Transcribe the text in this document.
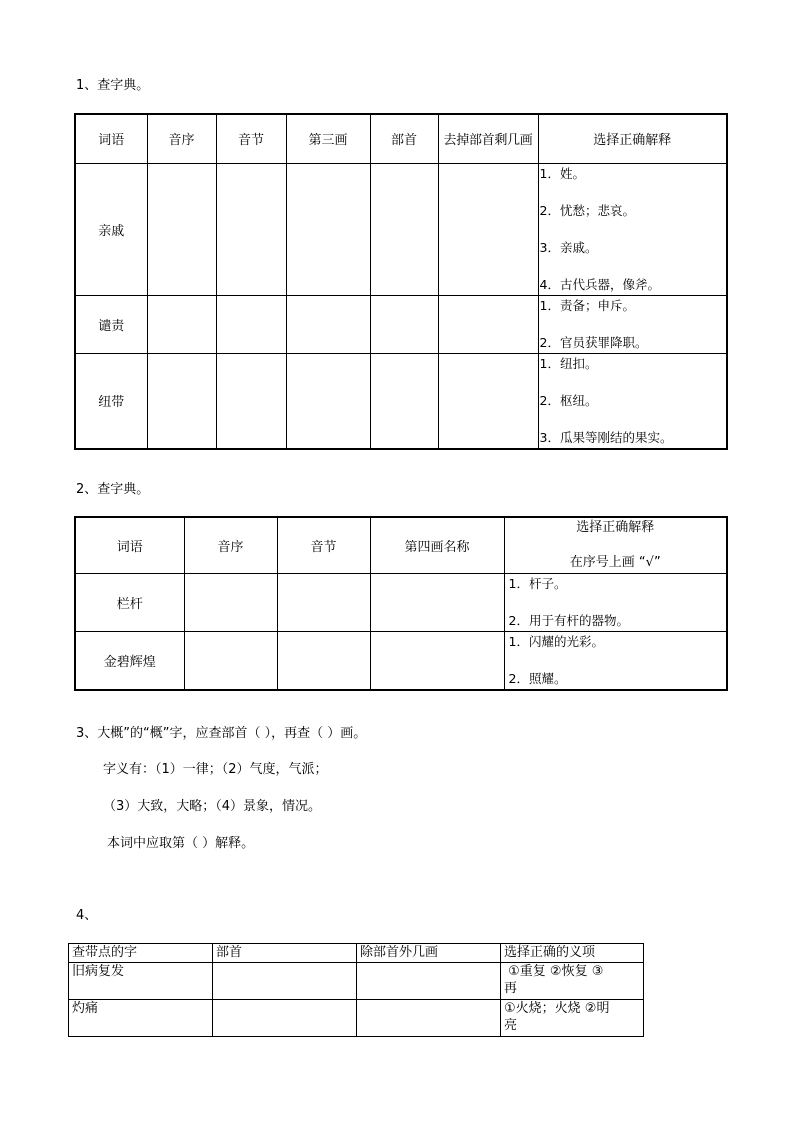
1、查字典。
词语	音序	音节	第三画	部首	去掉部首剩几画	选择正确解释
亲戚						1．姓。
2．忧愁；悲哀。
3．亲戚。
4．古代兵器，像斧。

谴责						1．责备；申斥。
2．官员获罪降职。

纽带						1．纽扣。
2．枢纽。
3．瓜果等刚结的果实。
2、查字典。
词语	音序	音节	第四画名称	选择正确解释
在序号上画 “√”

栏杆				1．杆子。
2．用于有杆的器物。

金碧辉煌				1．闪耀的光彩。
2．照耀。
3、大概”的“概”字，应查部首（ ），再查（ ）画。
字义有：（1）一律；（2）气度，气派；
（3）大致，大略；（4）景象，情况。
本词中应取第（ ）解释。
4、
查带点的字	部首	除部首外几画	选择正确的义项
旧病复发			①重复 ②恢复 ③
再

灼痛			①火烧；火烧 ②明
亮
